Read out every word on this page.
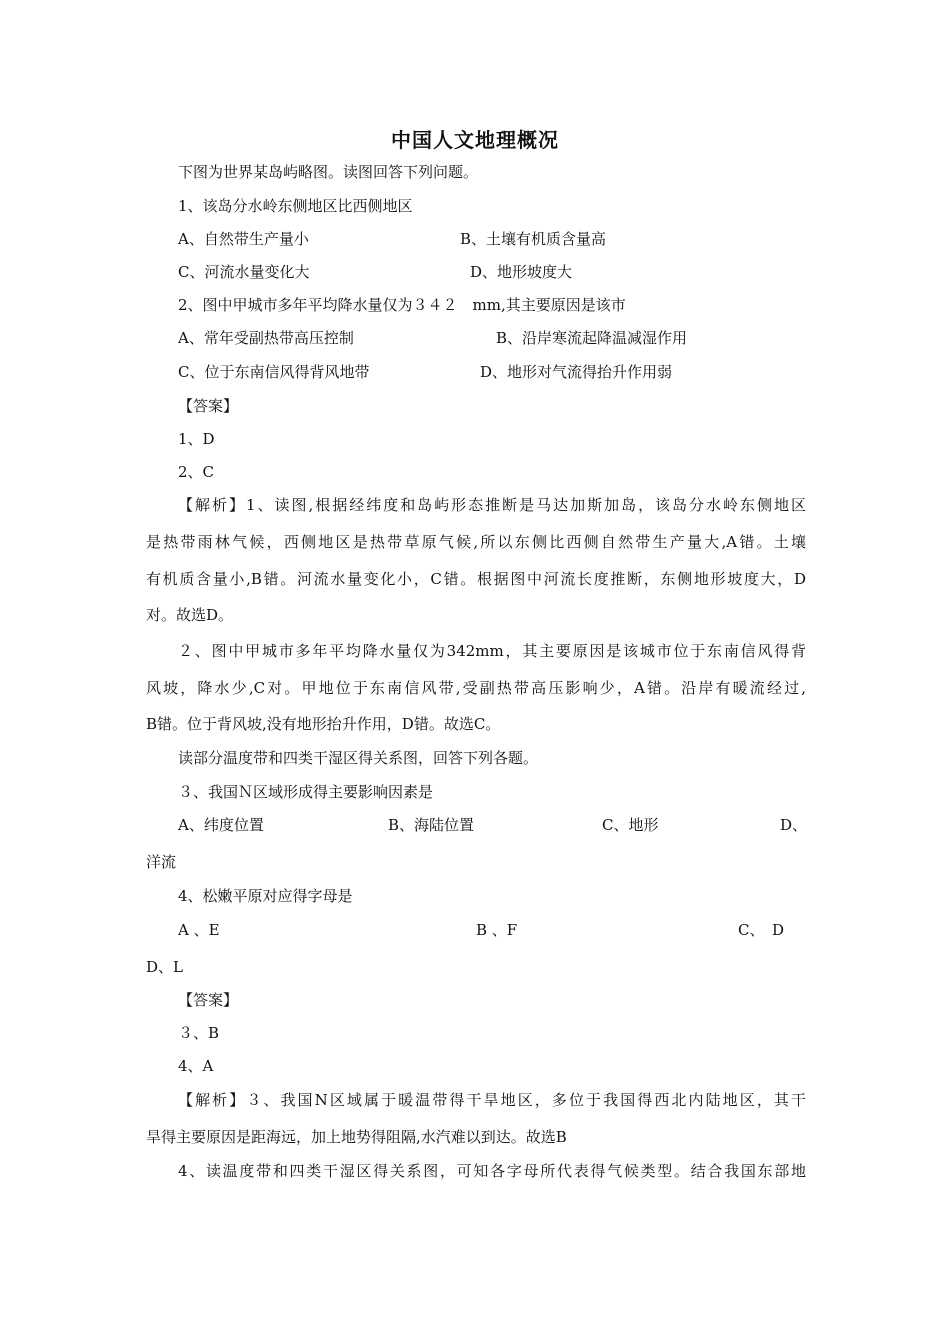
中国人文地理概况
下图为世界某岛屿略图。读图回答下列问题。
1、该岛分水岭东侧地区比西侧地区
A、自然带生产量小	B、土壤有机质含量高
C、河流水量变化大	D、地形坡度大
2、图中甲城市多年平均降水量仅为３４２　mm,其主要原因是该市
A、常年受副热带高压控制	B、沿岸寒流起降温减湿作用
C、位于东南信风得背风地带	D、地形对气流得抬升作用弱
【答案】
1、D
2、C
【解析】1、读图,根据经纬度和岛屿形态推断是马达加斯加岛，该岛分水岭东侧地区
是热带雨林气候，西侧地区是热带草原气候,所以东侧比西侧自然带生产量大,A错。土壤
有机质含量小,B错。河流水量变化小，C错。根据图中河流长度推断，东侧地形坡度大，D
对。故选D。
２、图中甲城市多年平均降水量仅为342mm，其主要原因是该城市位于东南信风得背
风坡，降水少,C对。甲地位于东南信风带,受副热带高压影响少，A错。沿岸有暖流经过,
B错。位于背风坡,没有地形抬升作用，D错。故选C。
读部分温度带和四类干湿区得关系图，回答下列各题。
３、我国Ｎ区域形成得主要影响因素是
A、纬度位置	B、海陆位置	C、地形	D、
洋流
4、松嫩平原对应得字母是
A 、E	B 、F	C、　D
D、L
【答案】
３、B
4、A
【解析】３、我国N区域属于暖温带得干旱地区，多位于我国得西北内陆地区，其干
旱得主要原因是距海远，加上地势得阻隔,水汽难以到达。故选B
4、读温度带和四类干湿区得关系图，可知各字母所代表得气候类型。结合我国东部地
